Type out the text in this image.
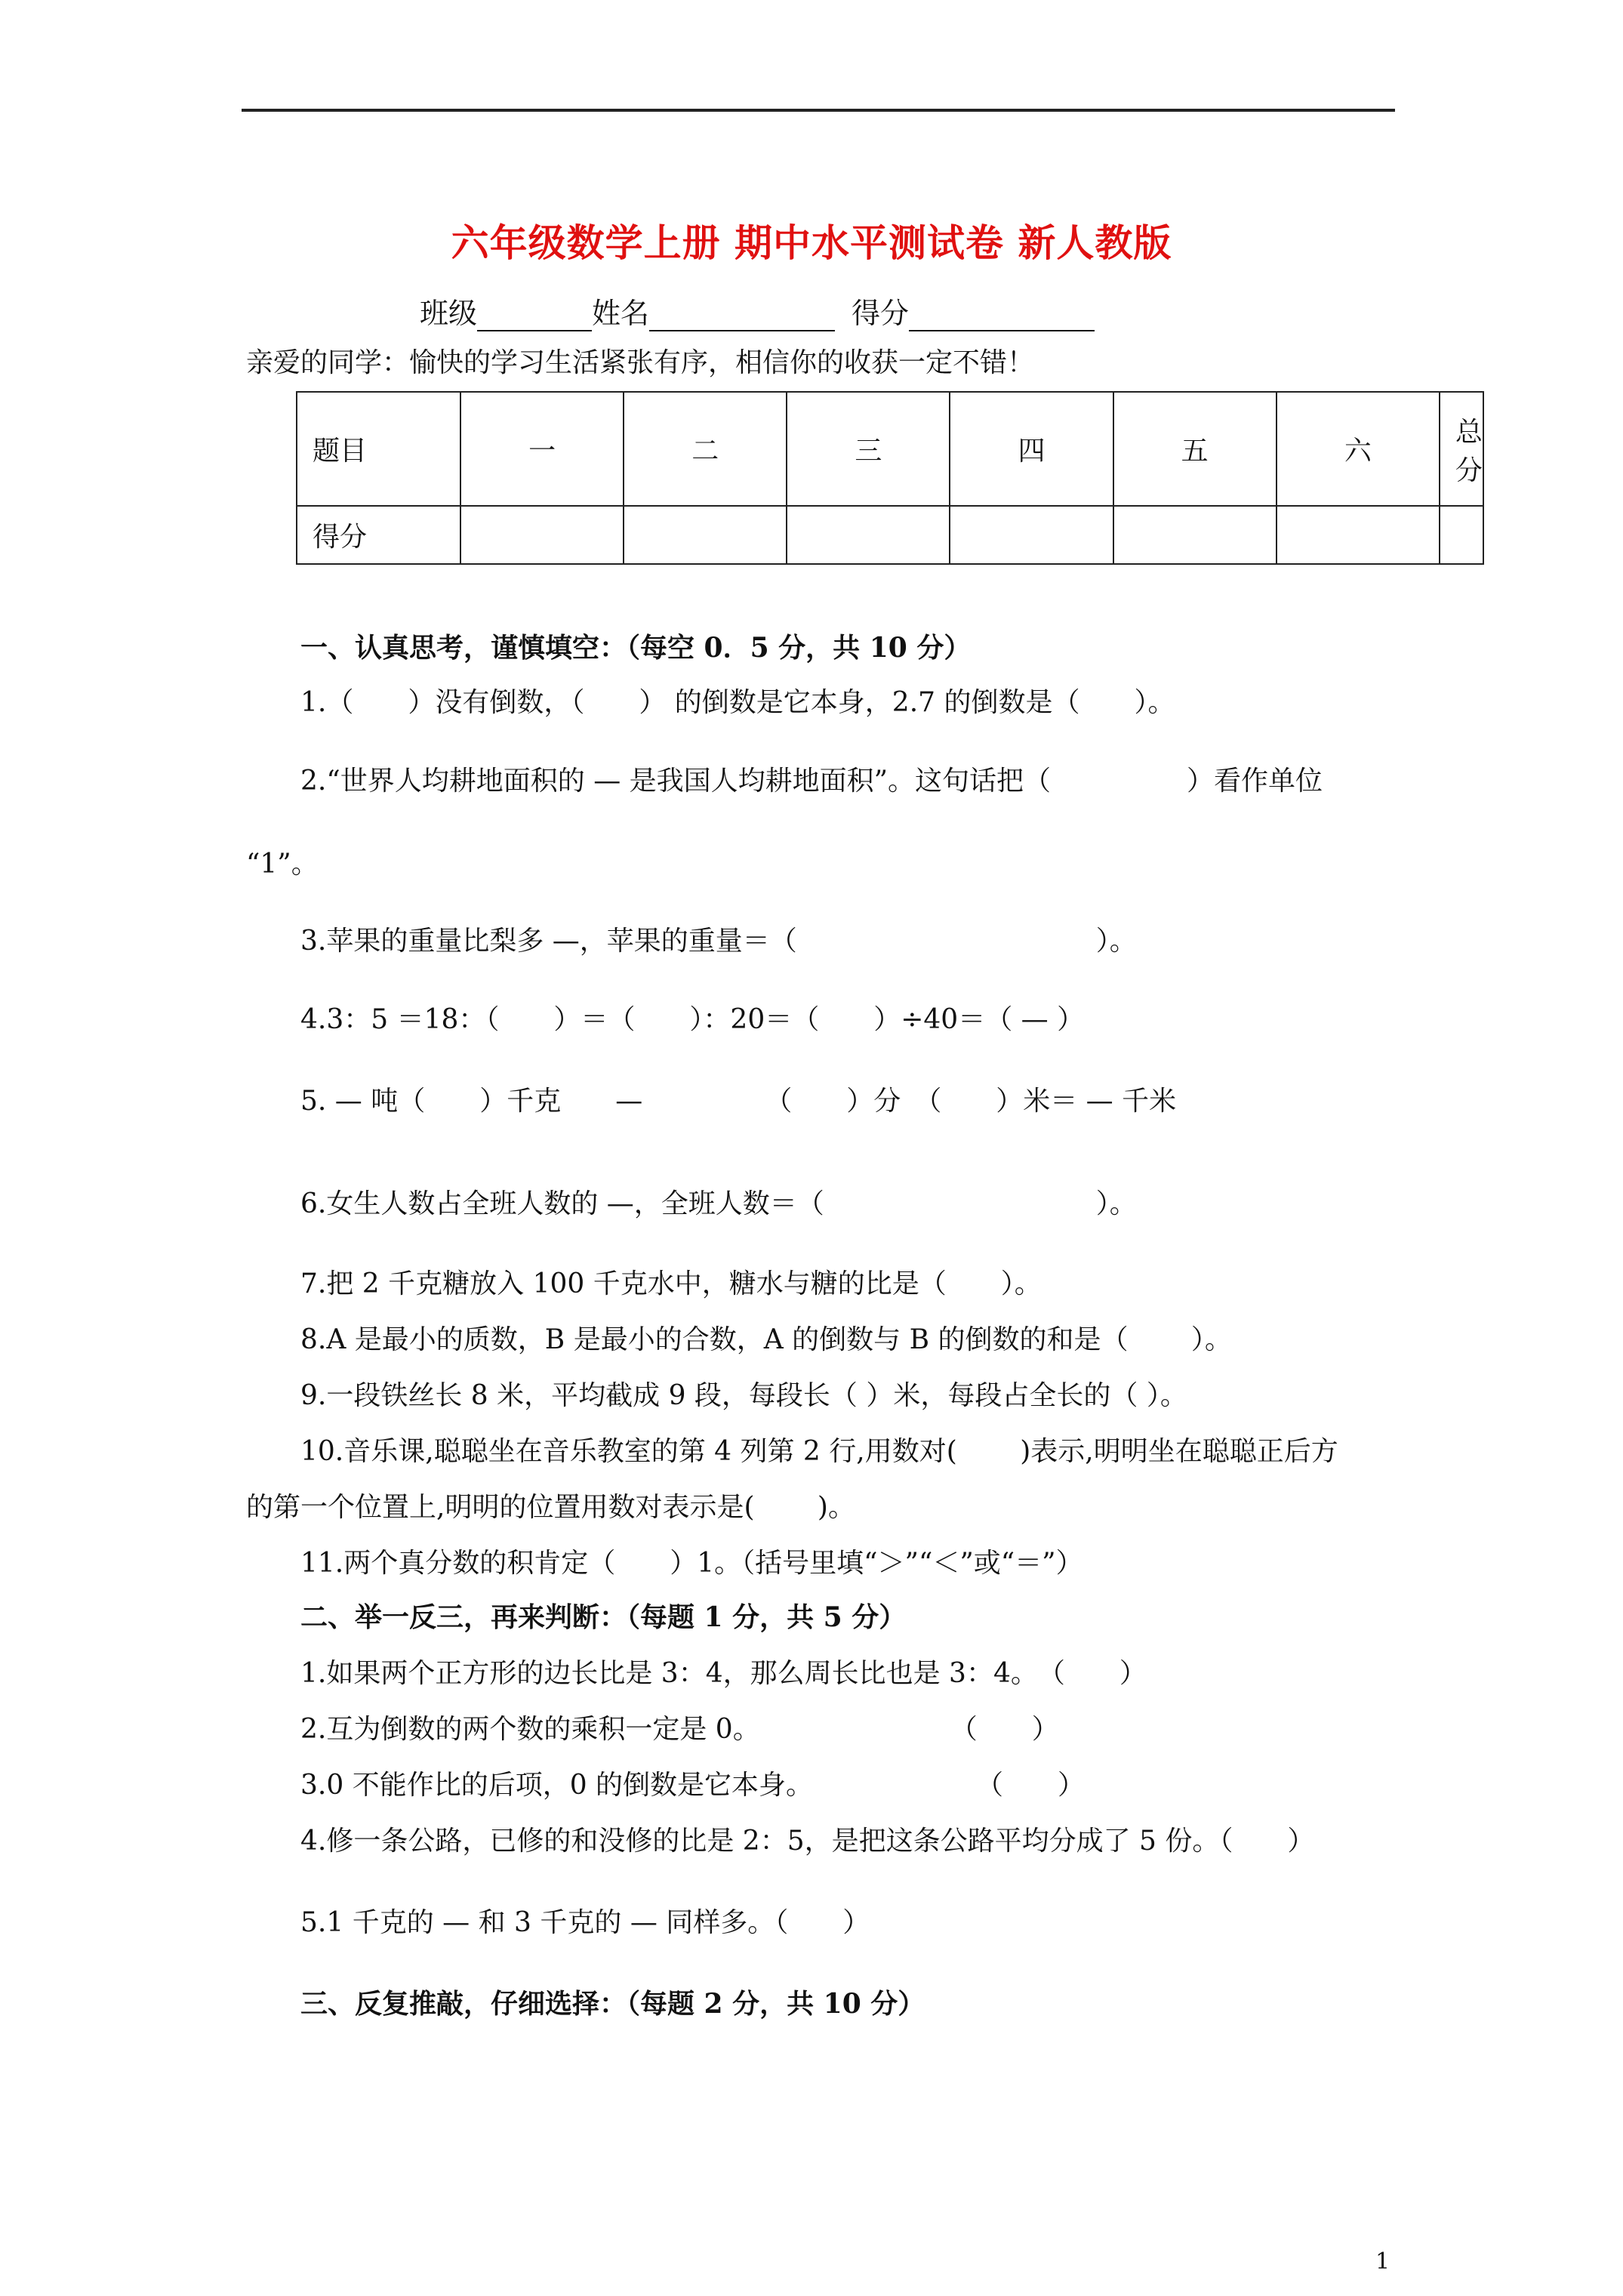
六年级数学上册 期中水平测试卷 新人教版
班级	姓名	得分
亲爱的同学：愉快的学习生活紧张有序，相信你的收获一定不错！
题目	一	二	三	四	五	六	总分
得分							
一、认真思考，谨慎填空：（每空 0．5 分，共 10 分）
1.（　　）没有倒数，（　　） 的倒数是它本身，2.7 的倒数是（　　）。
2.“世界人均耕地面积的 — 是我国人均耕地面积”。这句话把（　　　　　）看作单位
“1”。
3.苹果的重量比梨多 —，苹果的重量＝（　　　　　　　　　　　）。
4.3：5 ＝18：（　　）＝（　　）：20＝（　　）÷40＝（ — ）
5. — 吨（　　）千克　　—　　　　　（　　）分　（　　）米＝ — 千米
6.女生人数占全班人数的 —，全班人数＝（　　　　　　　　　　）。
7.把 2 千克糖放入 100 千克水中，糖水与糖的比是（　　）。
8.A 是最小的质数，B 是最小的合数，A 的倒数与 B 的倒数的和是（　　 ）。
9.一段铁丝长 8 米，平均截成 9 段，每段长（ ）米，每段占全长的（ ）。
10.音乐课,聪聪坐在音乐教室的第 4 列第 2 行,用数对(　　 )表示,明明坐在聪聪正后方
的第一个位置上,明明的位置用数对表示是(　　 )。
11.两个真分数的积肯定（　　）1。（括号里填“＞”“＜”或“＝”）
二、举一反三，再来判断：（每题 1 分，共 5 分）
1.如果两个正方形的边长比是 3：4，那么周长比也是 3：4。　（　　）
2.互为倒数的两个数的乘积一定是 0。　　　　　　　　（　　）
3.0 不能作比的后项，0 的倒数是它本身。　　　　　　　（　　）
4.修一条公路，已修的和没修的比是 2：5，是把这条公路平均分成了 5 份。（　　）
5.1 千克的 — 和 3 千克的 — 同样多。（　　）
三、反复推敲，仔细选择：（每题 2 分，共 10 分）
1
